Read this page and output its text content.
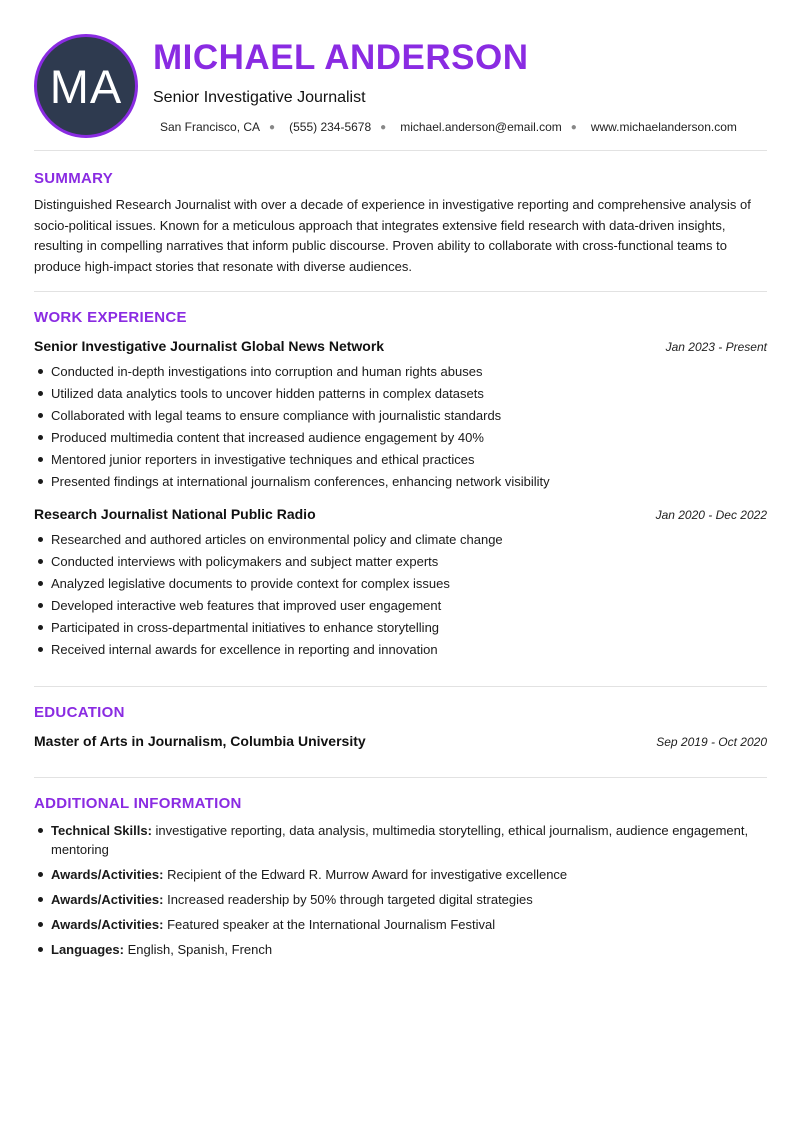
MA
MICHAEL ANDERSON
Senior Investigative Journalist
San Francisco, CA ● (555) 234-5678 ● michael.anderson@email.com ● www.michaelanderson.com
SUMMARY

Distinguished Research Journalist with over a decade of experience in investigative reporting and comprehensive analysis of socio-political issues. Known for a meticulous approach that integrates extensive field research with data-driven insights, resulting in compelling narratives that inform public discourse. Proven ability to collaborate with cross-functional teams to produce high-impact stories that resonate with diverse audiences.

WORK EXPERIENCE
Senior Investigative Journalist Global News Network	Jan 2023 - Present
Conducted in-depth investigations into corruption and human rights abuses
Utilized data analytics tools to uncover hidden patterns in complex datasets
Collaborated with legal teams to ensure compliance with journalistic standards
Produced multimedia content that increased audience engagement by 40%
Mentored junior reporters in investigative techniques and ethical practices
Presented findings at international journalism conferences, enhancing network visibility
Research Journalist National Public Radio	Jan 2020 - Dec 2022
Researched and authored articles on environmental policy and climate change
Conducted interviews with policymakers and subject matter experts
Analyzed legislative documents to provide context for complex issues
Developed interactive web features that improved user engagement
Participated in cross-departmental initiatives to enhance storytelling
Received internal awards for excellence in reporting and innovation
EDUCATION
Master of Arts in Journalism, Columbia University	Sep 2019 - Oct 2020
ADDITIONAL INFORMATION
Technical Skills: investigative reporting, data analysis, multimedia storytelling, ethical journalism, audience engagement, mentoring
Awards/Activities: Recipient of the Edward R. Murrow Award for investigative excellence
Awards/Activities: Increased readership by 50% through targeted digital strategies
Awards/Activities: Featured speaker at the International Journalism Festival
Languages: English, Spanish, French
